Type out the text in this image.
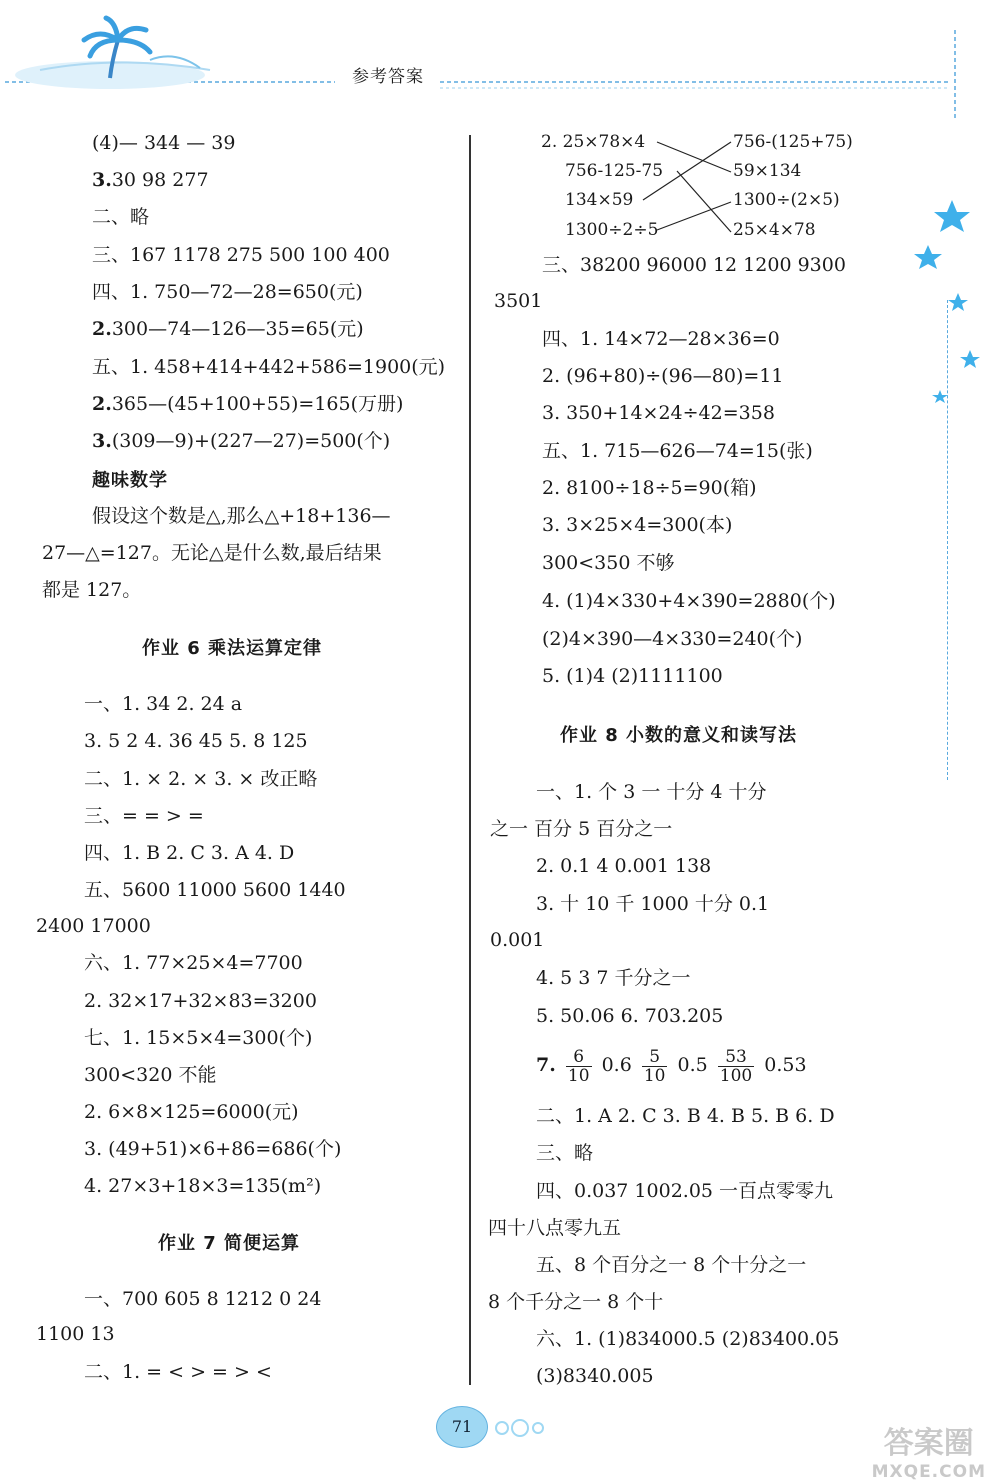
参考答案
(4)— 344 — 39
3.30 98 277
二、略
三、167 1178 275 500 100 400
四、1. 750—72—28=650(元)
2.300—74—126—35=65(元)
五、1. 458+414+442+586=1900(元)
2.365—(45+100+55)=165(万册)
3.(309—9)+(227—27)=500(个)
趣味数学
假设这个数是△,那么△+18+136—
27—△=127。无论△是什么数,最后结果
都是 127。
作业 6 乘法运算定律
一、1. 34 2. 24 a
3. 5 2 4. 36 45 5. 8 125
二、1. × 2. × 3. × 改正略
三、= = > =
四、1. B 2. C 3. A 4. D
五、5600 11000 5600 1440
2400 17000
六、1. 77×25×4=7700
2. 32×17+32×83=3200
七、1. 15×5×4=300(个)
300<320 不能
2. 6×8×125=6000(元)
3. (49+51)×6+86=686(个)
4. 27×3+18×3=135(m²)
作业 7 简便运算
一、700 605 8 1212 0 24
1100 13
二、1. = < > = > <
2. 25×78×4
756-125-75
134×59
1300÷2÷5
756-(125+75)
59×134
1300÷(2×5)
25×4×78
三、38200 96000 12 1200 9300
3501
四、1. 14×72—28×36=0
2. (96+80)÷(96—80)=11
3. 350+14×24÷42=358
五、1. 715—626—74=15(张)
2. 8100÷18÷5=90(箱)
3. 3×25×4=300(本)
300<350 不够
4. (1)4×330+4×390=2880(个)
(2)4×390—4×330=240(个)
5. (1)4 (2)1111100
作业 8 小数的意义和读写法
一、1. 个 3 一 十分 4 十分
之一 百分 5 百分之一
2. 0.1 4 0.001 138
3. 十 10 千 1000 十分 0.1
0.001
4. 5 3 7 千分之一
5. 50.06 6. 703.205
7. $\frac{6}{10} 0.6 \frac{5}{10} 0.5 \frac{53}{100} 0.53$
二、1. A 2. C 3. B 4. B 5. B 6. D
三、略
四、0.037 1002.05 一百点零零九
四十八点零九五
五、8 个百分之一 8 个十分之一
8 个千分之一 8 个十
六、1. (1)834000.5 (2)83400.05
(3)8340.005
71	答案圈
MXQE.COM
